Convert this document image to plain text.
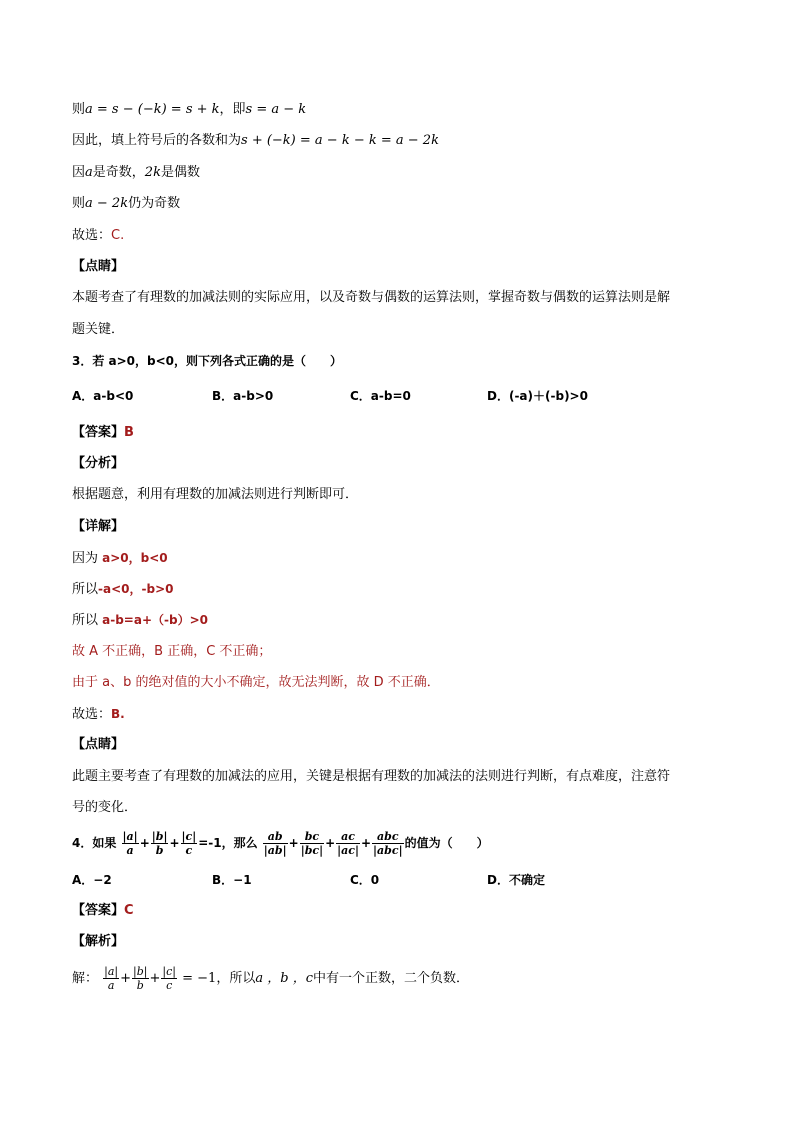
则a = s − (−k) = s + k，即s = a − k
因此，填上符号后的各数和为s + (−k) = a − k − k = a − 2k
因a是奇数，2k是偶数
则a − 2k仍为奇数
故选：C.
【点睛】
本题考查了有理数的加减法则的实际应用，以及奇数与偶数的运算法则，掌握奇数与偶数的运算法则是解
题关键．
3．若 a>0，b<0，则下列各式正确的是（　　）
A．a-b<0	B．a-b>0	C．a-b=0	D．(-a)＋(-b)>0
【答案】B
【分析】
根据题意，利用有理数的加减法则进行判断即可．
【详解】
因为 a>0，b<0
所以-a<0，-b>0
所以 a-b=a+（-b）>0
故 A 不正确，B 正确，C 不正确；
由于 a、b 的绝对值的大小不确定，故无法判断，故 D 不正确．
故选：B.
【点睛】
此题主要考查了有理数的加减法的应用，关键是根据有理数的加减法的法则进行判断，有点难度，注意符
号的变化．
4．如果 $\frac{|a|}{a} + \frac{|b|}{b} + \frac{|c|}{c} =-1$，那么 $\frac{ab}{|ab|} + \frac{bc}{|bc|} + \frac{ac}{|ac|} + \frac{\text{abc}}{\text{|abc|}}$ 的值为（　　）
A．−2	B．−1	C．0	D．不确定
【答案】C
【解析】
解： $\frac{|a|}{a} + \frac{|b|}{b} + \frac{|c|}{c} = -1$，所以a ，b ，c中有一个正数，二个负数．
